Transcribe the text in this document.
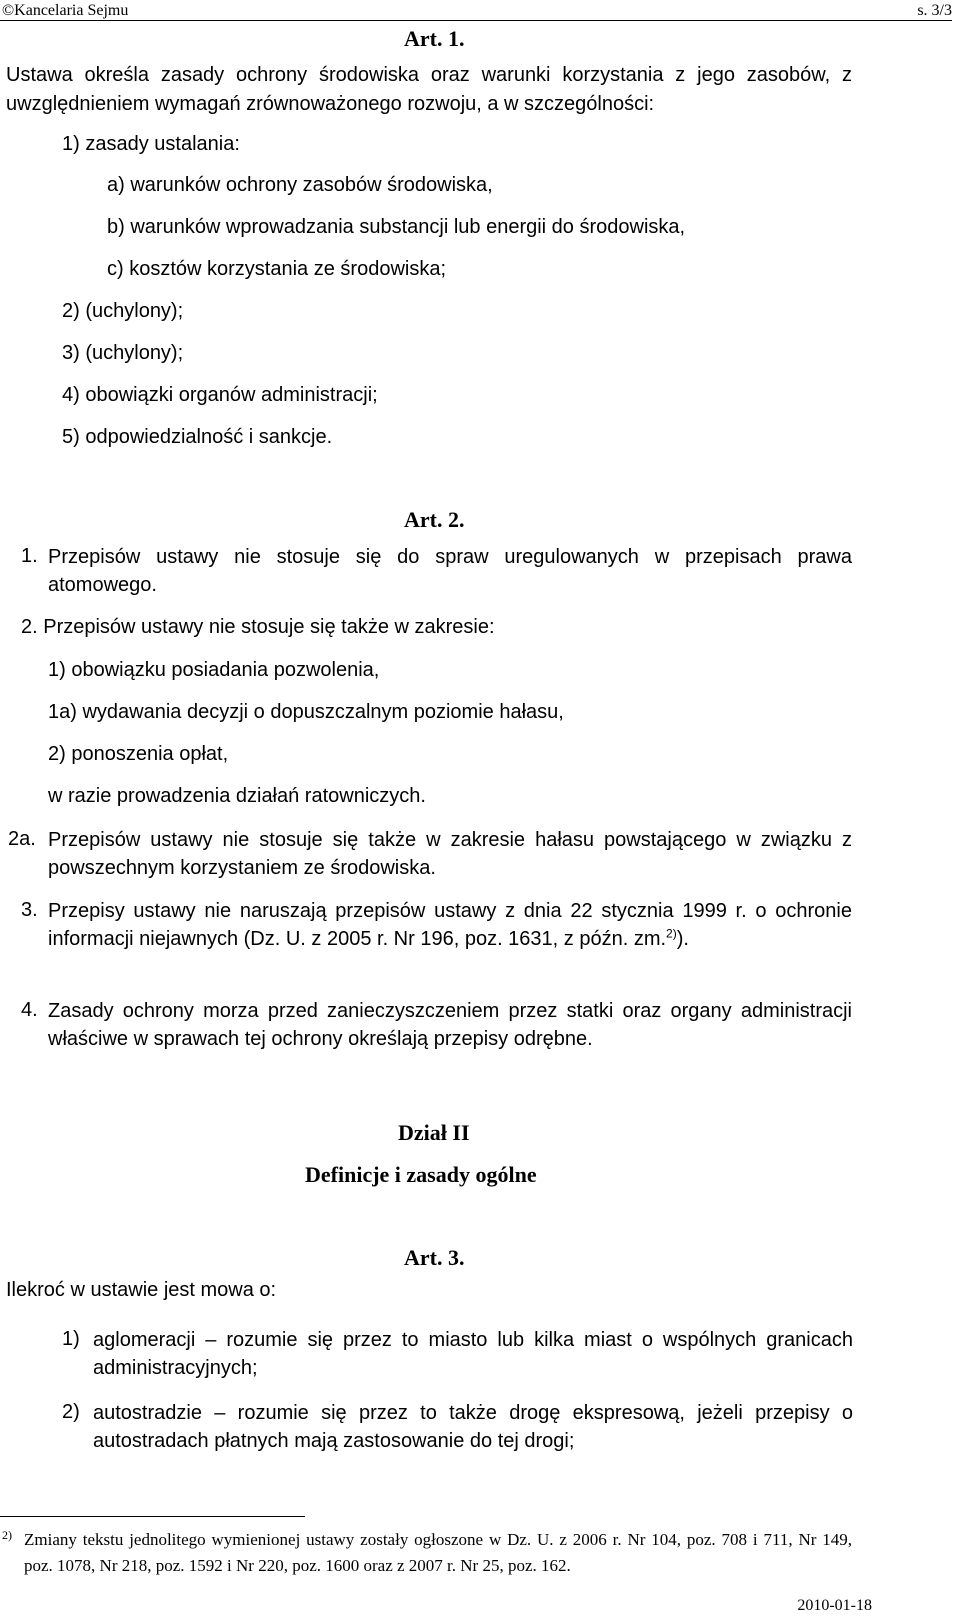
©Kancelaria Sejmu	s. 3/3
Art. 1.
Ustawa określa zasady ochrony środowiska oraz warunki korzystania z jego zasobów, z uwzględnieniem wymagań zrównoważonego rozwoju, a w szczególności:
1) zasady ustalania:
a) warunków ochrony zasobów środowiska,
b) warunków wprowadzania substancji lub energii do środowiska,
c) kosztów korzystania ze środowiska;
2) (uchylony);
3) (uchylony);
4) obowiązki organów administracji;
5) odpowiedzialność i sankcje.
Art. 2.
1. Przepisów ustawy nie stosuje się do spraw uregulowanych w przepisach prawa atomowego.
2. Przepisów ustawy nie stosuje się także w zakresie:
1) obowiązku posiadania pozwolenia,
1a) wydawania decyzji o dopuszczalnym poziomie hałasu,
2) ponoszenia opłat,
w razie prowadzenia działań ratowniczych.
2a. Przepisów ustawy nie stosuje się także w zakresie hałasu powstającego w związku z powszechnym korzystaniem ze środowiska.
3. Przepisy ustawy nie naruszają przepisów ustawy z dnia 22 stycznia 1999 r. o ochronie informacji niejawnych (Dz. U. z 2005 r. Nr 196, poz. 1631, z późn. zm.$^{2)}$).
4. Zasady ochrony morza przed zanieczyszczeniem przez statki oraz organy administracji właściwe w sprawach tej ochrony określają przepisy odrębne.
Dział II
Definicje i zasady ogólne
Art. 3.
Ilekroć w ustawie jest mowa o:
1) aglomeracji – rozumie się przez to miasto lub kilka miast o wspólnych granicach administracyjnych;
2) autostradzie – rozumie się przez to także drogę ekspresową, jeżeli przepisy o autostradach płatnych mają zastosowanie do tej drogi;
2) Zmiany tekstu jednolitego wymienionej ustawy zostały ogłoszone w Dz. U. z 2006 r. Nr 104, poz. 708 i 711, Nr 149, poz. 1078, Nr 218, poz. 1592 i Nr 220, poz. 1600 oraz z 2007 r. Nr 25, poz. 162.
2010-01-18
